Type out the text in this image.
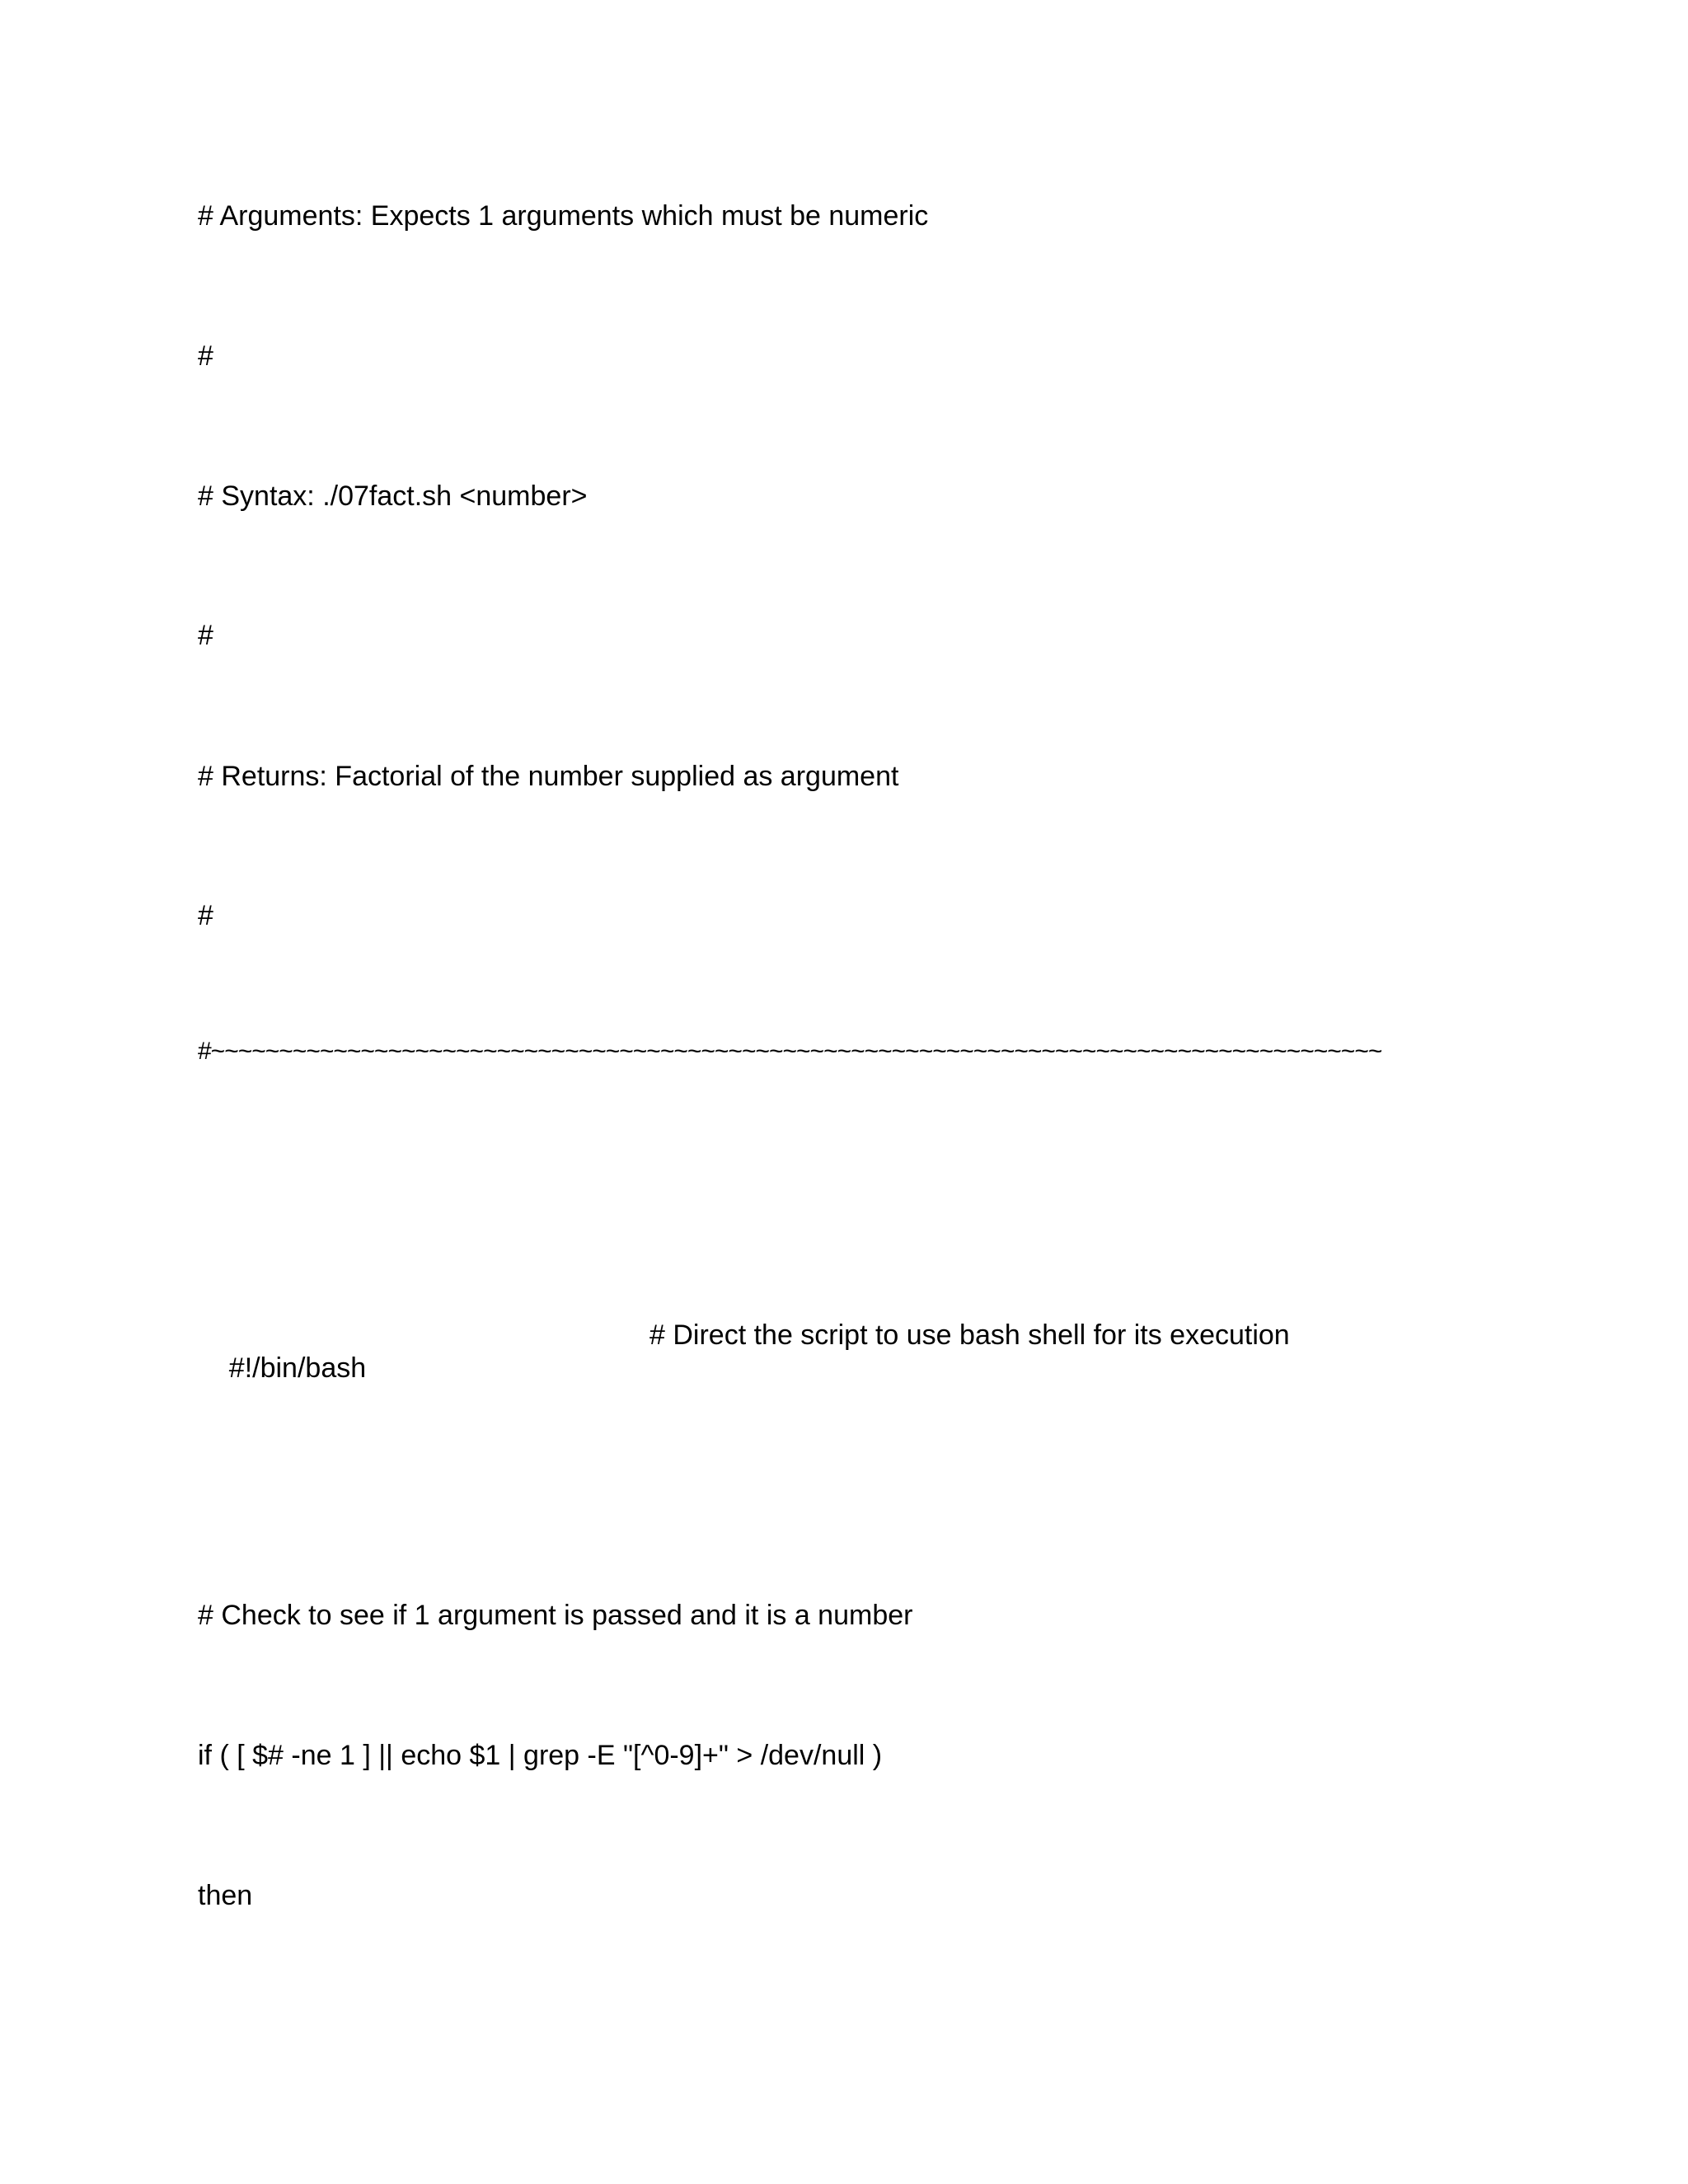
# Arguments: Expects 1 arguments which must be numeric
#
# Syntax: ./07fact.sh <number>
#
# Returns: Factorial of the number supplied as argument
#
#~~~~~~~~~~~~~~~~~~~~~~~~~~~~~~~~~~~~~~~~~~~~~~~~~~~~~~~~~~~~~~~~~~~~~~~~~~~~~~~~~~~~~~

#!/bin/bash

# Direct the script to use bash shell for its execution

# Check to see if 1 argument is passed and it is a number
if ( [ $# -ne 1 ] || echo $1 | grep -E "[^0-9]+" > /dev/null )
then
